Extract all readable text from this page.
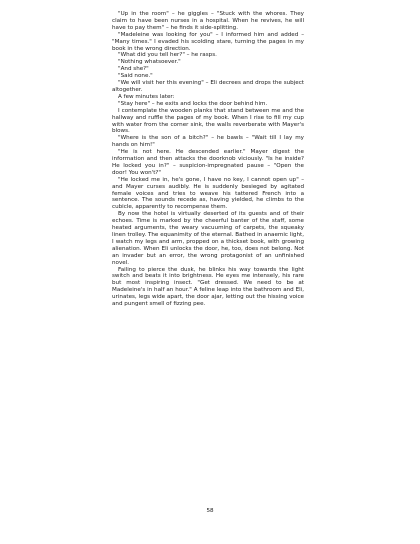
"Up in the room" – he giggles – "Stuck with the whores. They claim to have been nurses in a hospital. When he revives, he will have to pay them" – he finds it side-splitting.

"Madeleine was looking for you" – I informed him and added – "Many times." I evaded his scolding stare, turning the pages in my book in the wrong direction.

"What did you tell her?" – he rasps.

"Nothing whatsoever."

"And she?"

"Said none."

"We will visit her this evening" – Eli decrees and drops the subject altogether.

A few minutes later:

"Stay here" – he exits and locks the door behind him.

I contemplate the wooden planks that stand between me and the hallway and ruffle the pages of my book. When I rise to fill my cup with water from the corner sink, the walls reverberate with Mayer's blows.

"Where is the son of a bitch?" – he bawls – "Wait till I lay my hands on him!"

"He is not here. He descended earlier." Mayer digest the information and then attacks the doorknob viciously. "Is he inside? He locked you in?" – suspicion-impregnated pause – "Open the door! You won't?"

"He locked me in, he's gone, I have no key, I cannot open up" – and Mayer curses audibly. He is suddenly besieged by agitated female voices and tries to weave his tattered French into a sentence. The sounds recede as, having yielded, he climbs to the cubicle, apparently to recompense them.

By now the hotel is virtually deserted of its guests and of their echoes. Time is marked by the cheerful banter of the staff, some heated arguments, the weary vacuuming of carpets, the squeaky linen trolley. The equanimity of the eternal. Bathed in anaemic light, I watch my legs and arm, propped on a thickset book, with growing alienation. When Eli unlocks the door, he, too, does not belong. Not an invader but an error, the wrong protagonist of an unfinished novel.

Failing to pierce the dusk, he blinks his way towards the light switch and beats it into brightness. He eyes me intensely, his rare but most inspiring insect. "Get dressed. We need to be at Madeleine's in half an hour." A feline leap into the bathroom and Eli, urinates, legs wide apart, the door ajar, letting out the hissing voice and pungent smell of fizzing pee.

58
